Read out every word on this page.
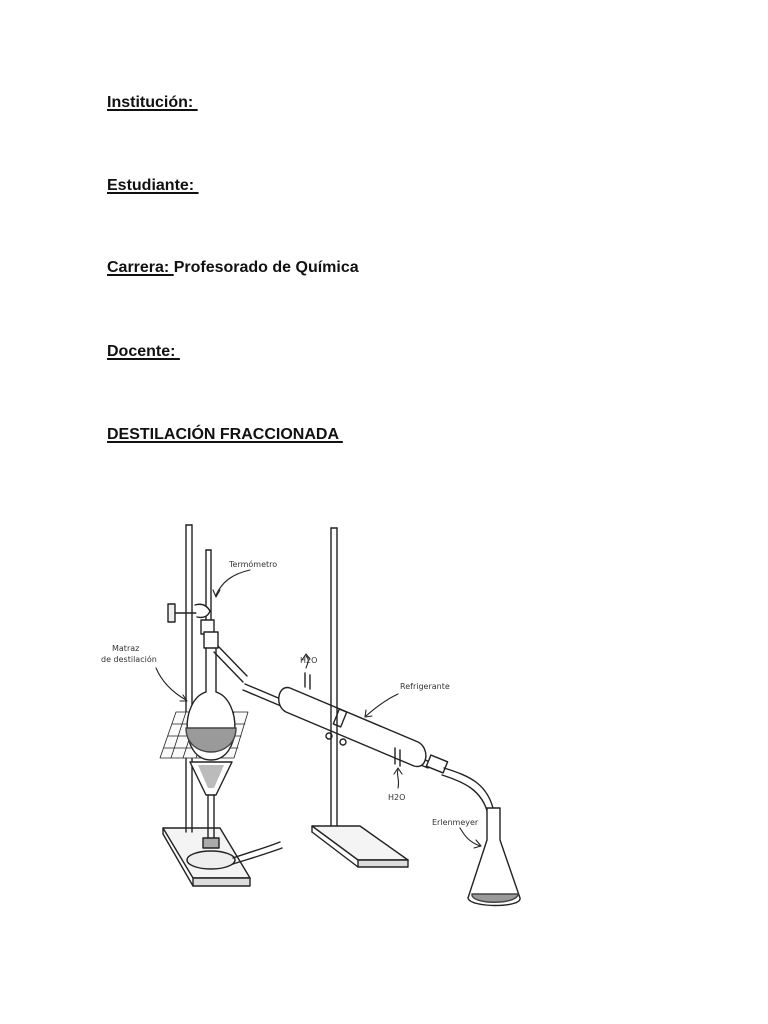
Institución:
Estudiante:
Carrera: Profesorado de Química
Docente:
DESTILACIÓN FRACCIONADA
Termómetro
Matraz
de destilación	H2O
Refrigerante
H2O
Erlenmeyer
